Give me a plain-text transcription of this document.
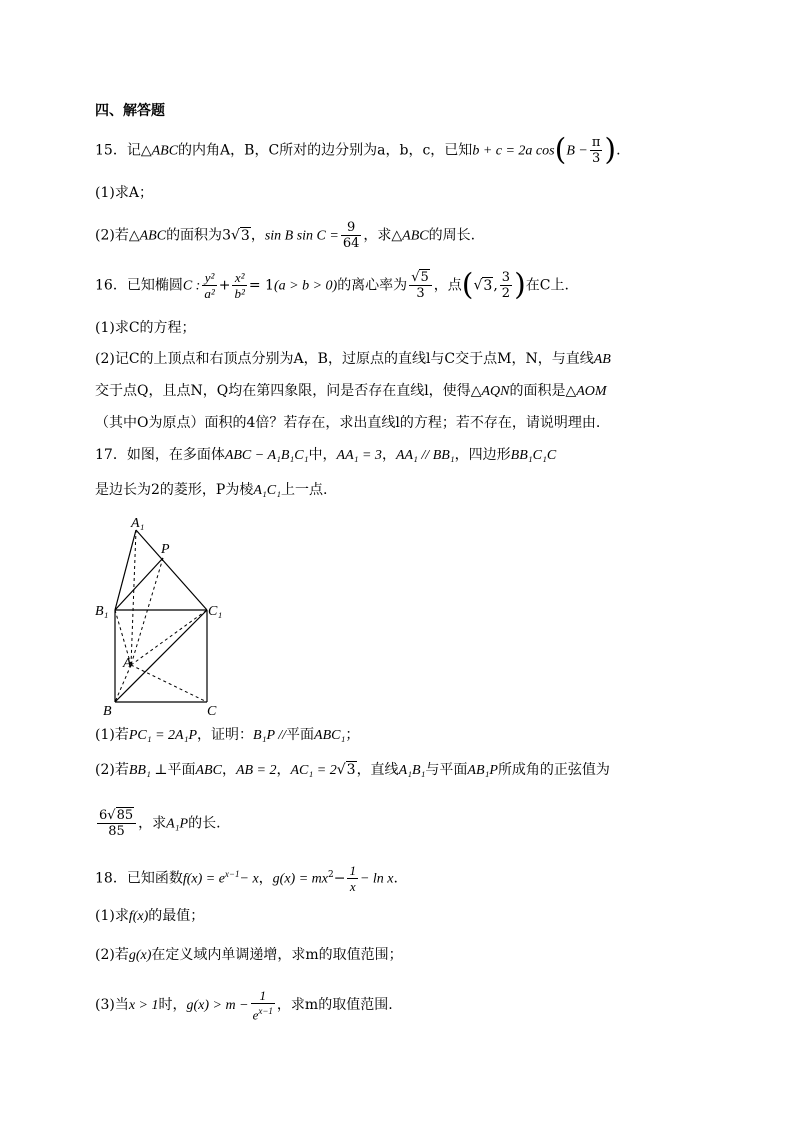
四、解答题
15．记△ABC的内角A，B，C所对的边分别为a，b，c，已知b + c = 2a $\cos(B - \frac{\pi}{3}$ ).
(1)求A；
(2)若△ABC的面积为3√3，sin B $\sin C = \frac{9}{64}$ ，求△ABC的周长.
16．已知椭圆C : $\frac{\text{y²}}{\text{a²}} + \frac{\text{x²}}{\text{b²}} = 1(a > b > 0)$的离心率为 $\frac{√5}{3}$ ，点(√3, $\frac{3}{2}$ )在C上.
(1)求C的方程；
(2)记C的上顶点和右顶点分别为A，B，过原点的直线l与C交于点M，N，与直线AB
交于点Q，且点N，Q均在第四象限，问是否存在直线l，使得△AQN的面积是△AOM
（其中O为原点）面积的4倍？若存在，求出直线l的方程；若不存在，请说明理由.
17．如图，在多面体ABC − A₁B₁C₁中，AA₁ = 3，AA₁ // BB₁，四边形BB₁C₁C
是边长为2的菱形，P为棱A₁C₁上一点.
A₁
P
B₁	C₁
A
B	C
(1)若PC₁ = 2A₁P，证明：B₁P //平面ABC₁；
(2)若BB₁ ⊥平面ABC，AB = 2，AC₁ = 2√3，直线A₁B₁与平面AB₁P所成角的正弦值为
$\frac{6√85}{85}$ ，求A₁P的长.
18．已知函数$f(x) = e^{x-1}- x$，$g(x) = mx^2- \frac{1}{x} - \ln x$.
(1)求f(x)的最值；
(2)若g(x)在定义域内单调递增，求m的取值范围；
(3)当x > 1时，$g(x) > m - \frac{1}{e^{x-1}}$ ，求m的取值范围.
